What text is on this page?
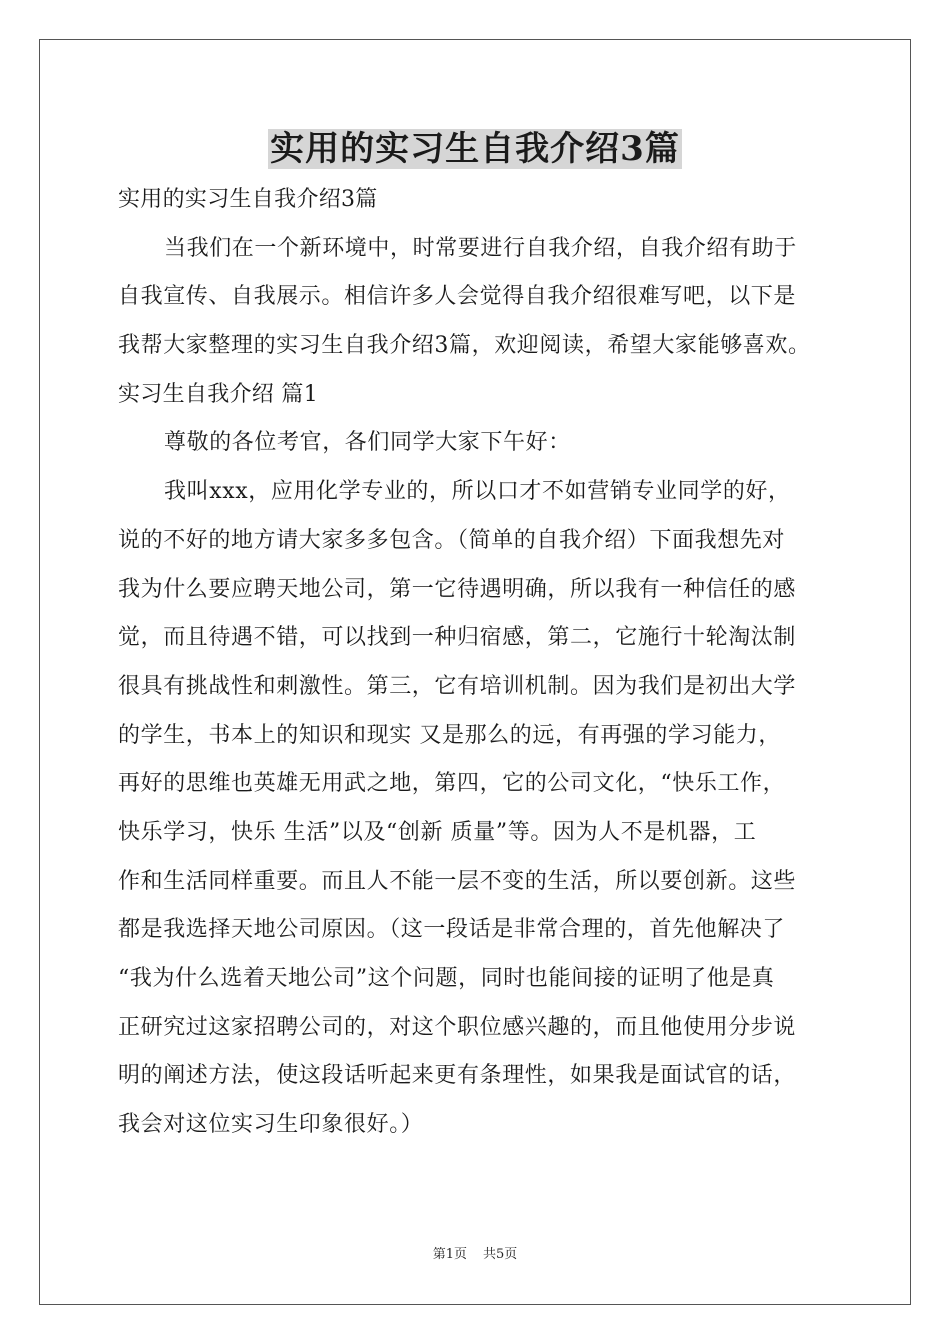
实用的实习生自我介绍3篇
实用的实习生自我介绍3篇
当我们在一个新环境中，时常要进行自我介绍，自我介绍有助于
自我宣传、自我展示。相信许多人会觉得自我介绍很难写吧，以下是
我帮大家整理的实习生自我介绍3篇，欢迎阅读，希望大家能够喜欢。
实习生自我介绍 篇1
尊敬的各位考官，各们同学大家下午好：
我叫xxx，应用化学专业的，所以口才不如营销专业同学的好，
说的不好的地方请大家多多包含。（简单的自我介绍）下面我想先对
我为什么要应聘天地公司，第一它待遇明确，所以我有一种信任的感
觉，而且待遇不错，可以找到一种归宿感，第二，它施行十轮淘汰制
很具有挑战性和刺激性。第三，它有培训机制。因为我们是初出大学
的学生，书本上的知识和现实 又是那么的远，有再强的学习能力，
再好的思维也英雄无用武之地，第四，它的公司文化，“快乐工作，
快乐学习，快乐 生活”以及“创新 质量”等。因为人不是机器，工
作和生活同样重要。而且人不能一层不变的生活，所以要创新。这些
都是我选择天地公司原因。（这一段话是非常合理的，首先他解决了
“我为什么选着天地公司”这个问题，同时也能间接的证明了他是真
正研究过这家招聘公司的，对这个职位感兴趣的，而且他使用分步说
明的阐述方法，使这段话听起来更有条理性，如果我是面试官的话，
我会对这位实习生印象很好。）
第1页 共5页
